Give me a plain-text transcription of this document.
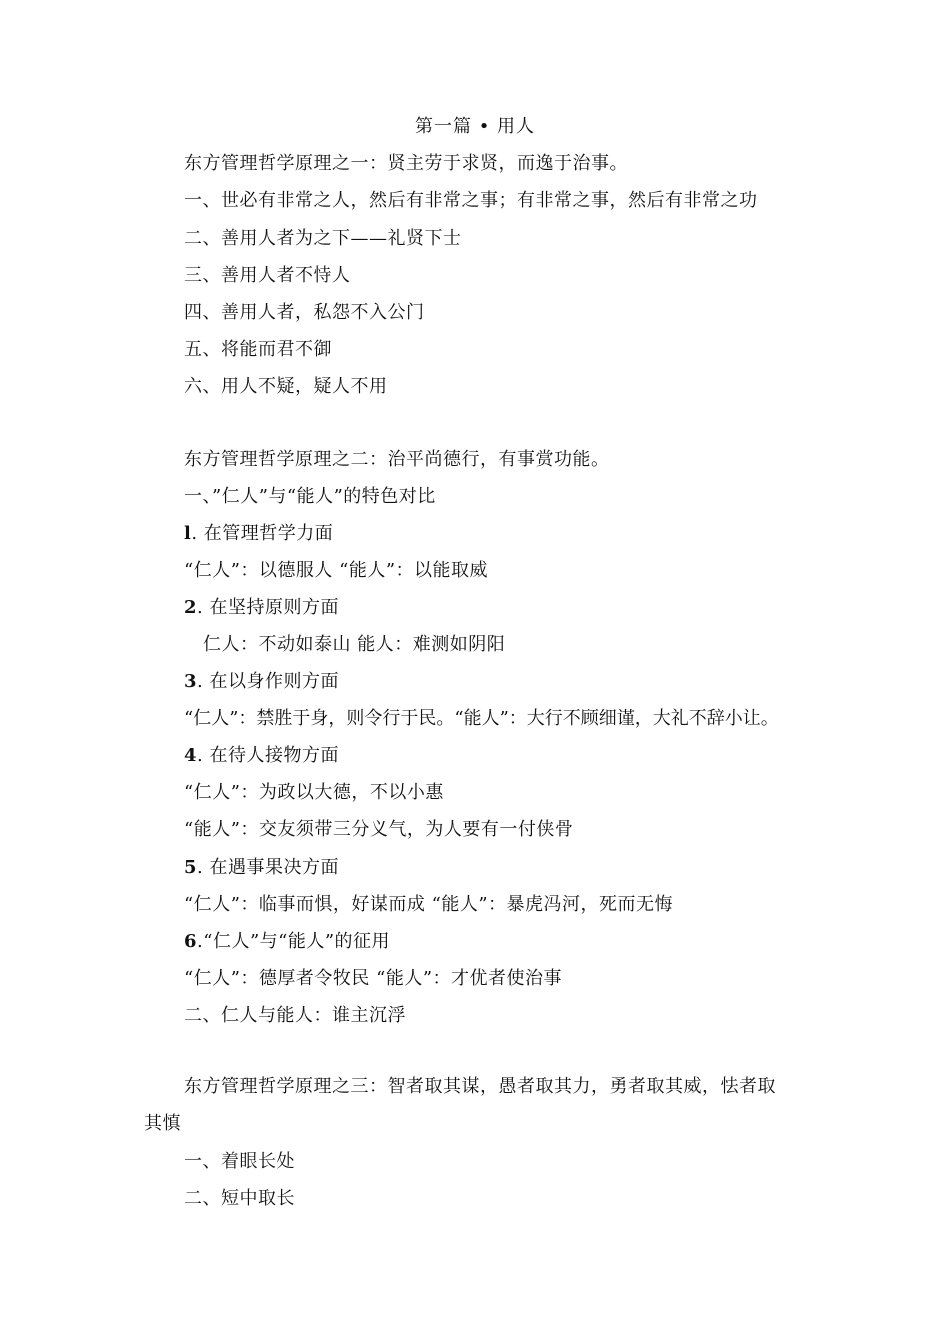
第一篇 • 用人
东方管理哲学原理之一：贤主劳于求贤，而逸于治事。
一、世必有非常之人，然后有非常之事；有非常之事，然后有非常之功
二、善用人者为之下——礼贤下士
三、善用人者不恃人
四、善用人者，私怨不入公门
五、将能而君不御
六、用人不疑，疑人不用
东方管理哲学原理之二：治平尚德行，有事赏功能。
一、”仁人”与“能人”的特色对比
l. 在管理哲学力面
“仁人”：以德服人 “能人”：以能取威
2. 在坚持原则方面
仁人：不动如泰山 能人：难测如阴阳
3. 在以身作则方面
“仁人”：禁胜于身，则令行于民。“能人”：大行不顾细谨，大礼不辞小让。
4. 在待人接物方面
“仁人”：为政以大德，不以小惠
“能人”：交友须带三分义气，为人要有一付侠骨
5. 在遇事果决方面
“仁人”：临事而惧，好谋而成 “能人”：暴虎冯河，死而无悔
6.“仁人”与“能人”的征用
“仁人”：德厚者令牧民 “能人”：才优者使治事
二、仁人与能人：谁主沉浮
东方管理哲学原理之三：智者取其谋，愚者取其力，勇者取其威，怯者取
其慎
一、着眼长处
二、短中取长
